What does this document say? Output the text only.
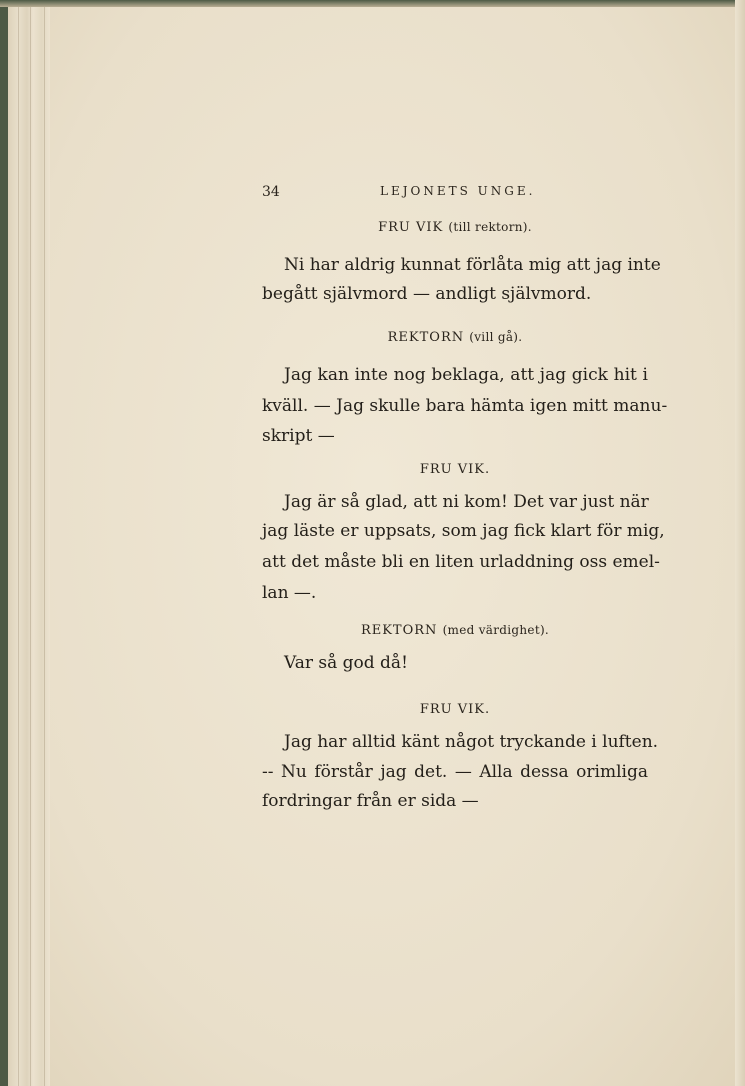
34	LEJONETS UNGE.
FRU VIK (till rektorn).
Ni har aldrig kunnat förlåta mig att jag inte
begått självmord — andligt självmord.
REKTORN (vill gå).
Jag kan inte nog beklaga, att jag gick hit i
kväll. — Jag skulle bara hämta igen mitt manu-
skript —
FRU VIK.
Jag är så glad, att ni kom! Det var just när
jag läste er uppsats, som jag fick klart för mig,
att det måste bli en liten urladdning oss emel-
lan —.
REKTORN (med värdighet).
Var så god då!
FRU VIK.
Jag har alltid känt något tryckande i luften.
-- Nu förstår jag det. — Alla dessa orimliga
fordringar från er sida —
